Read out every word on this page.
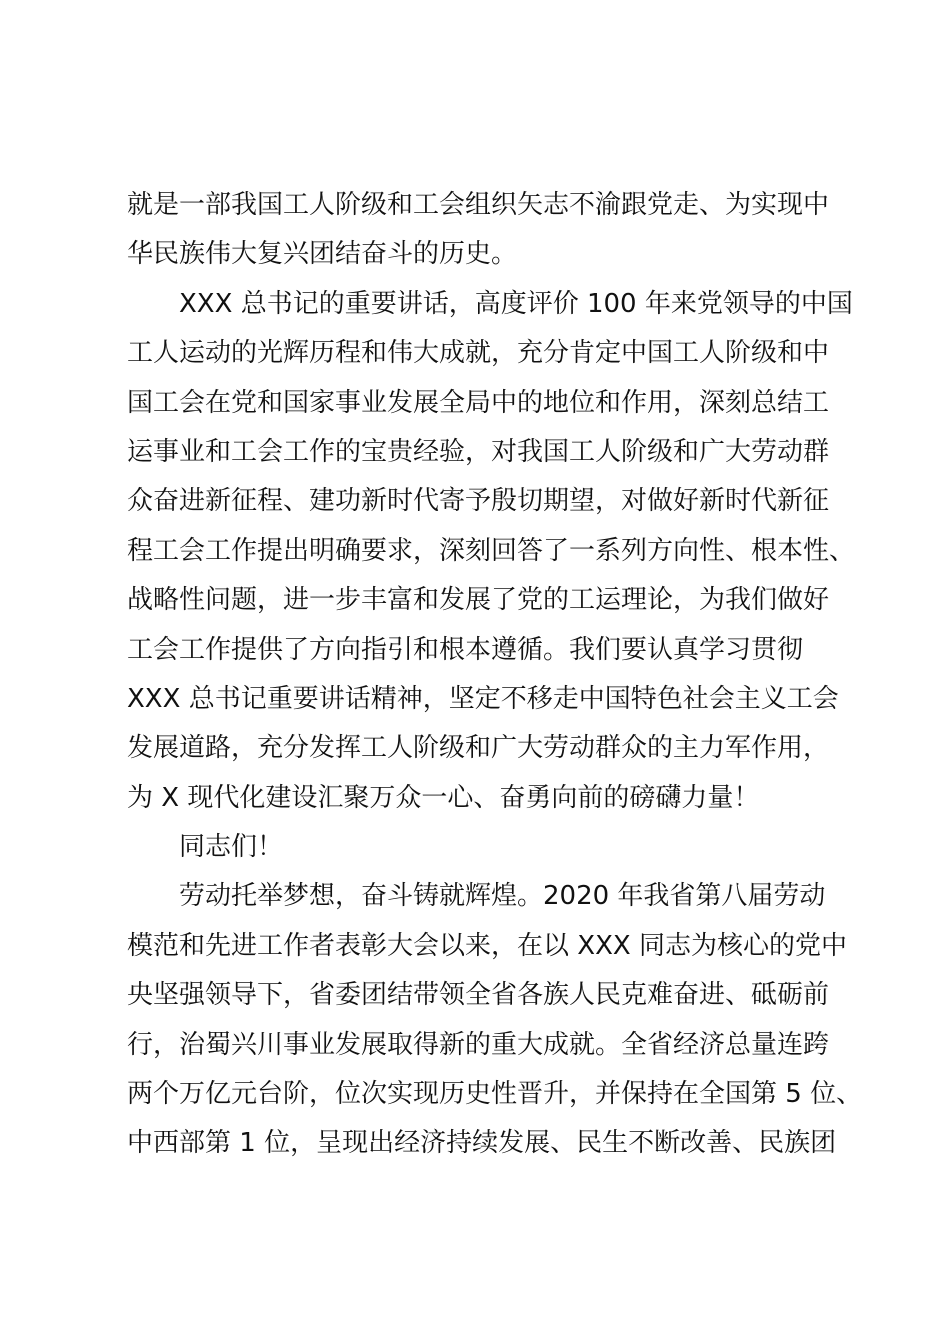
就是一部我国工人阶级和工会组织矢志不渝跟党走、为实现中
华民族伟大复兴团结奋斗的历史。

XXX 总书记的重要讲话，高度评价 100 年来党领导的中国
工人运动的光辉历程和伟大成就，充分肯定中国工人阶级和中
国工会在党和国家事业发展全局中的地位和作用，深刻总结工
运事业和工会工作的宝贵经验，对我国工人阶级和广大劳动群
众奋进新征程、建功新时代寄予殷切期望，对做好新时代新征
程工会工作提出明确要求，深刻回答了一系列方向性、根本性、
战略性问题，进一步丰富和发展了党的工运理论，为我们做好
工会工作提供了方向指引和根本遵循。我们要认真学习贯彻
XXX 总书记重要讲话精神，坚定不移走中国特色社会主义工会
发展道路，充分发挥工人阶级和广大劳动群众的主力军作用，
为 X 现代化建设汇聚万众一心、奋勇向前的磅礴力量！

同志们！

劳动托举梦想，奋斗铸就辉煌。2020 年我省第八届劳动
模范和先进工作者表彰大会以来，在以 XXX 同志为核心的党中
央坚强领导下，省委团结带领全省各族人民克难奋进、砥砺前
行，治蜀兴川事业发展取得新的重大成就。全省经济总量连跨
两个万亿元台阶，位次实现历史性晋升，并保持在全国第 5 位、
中西部第 1 位，呈现出经济持续发展、民生不断改善、民族团
